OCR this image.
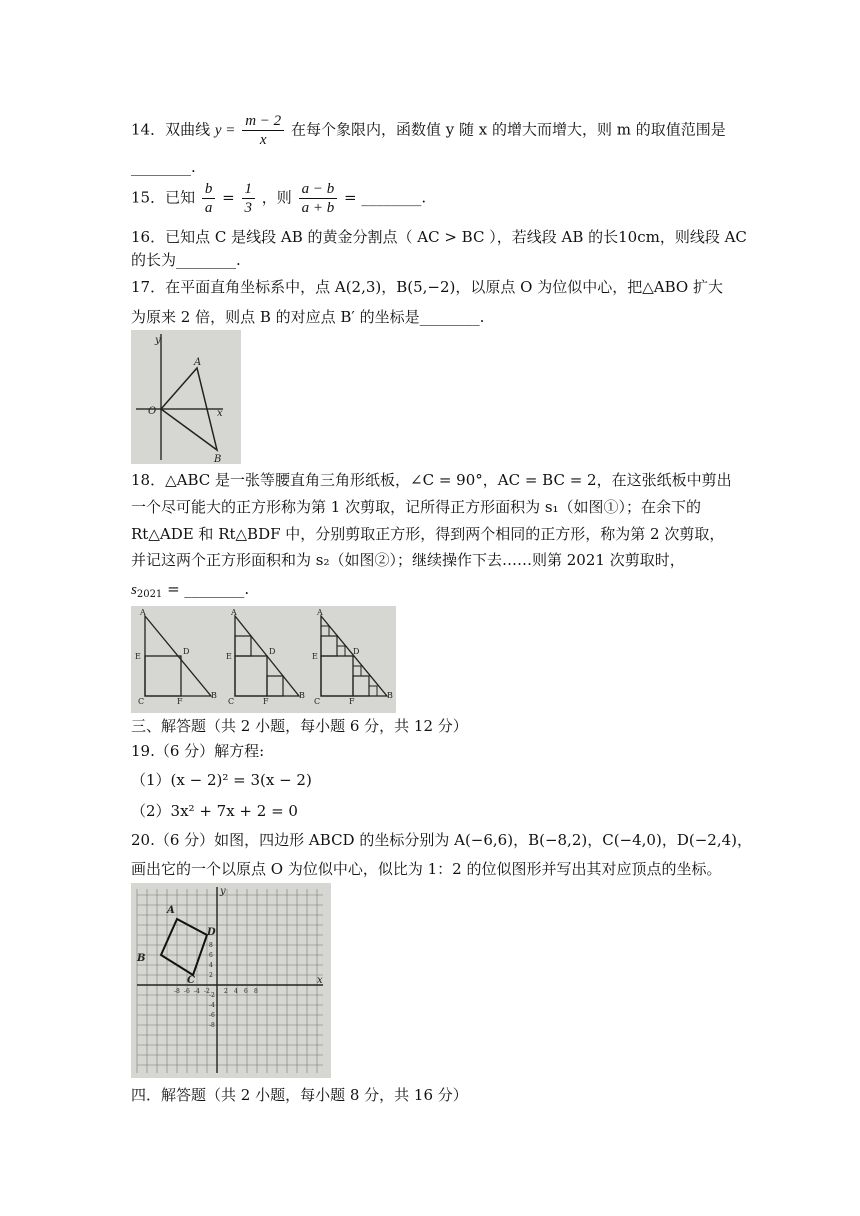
14．双曲线 $y = \frac{m - 2}{x}$ 在每个象限内，函数值 y 随 x 的增大而增大，则 m 的取值范围是
________.
15．已知 $\frac{b}{a} = \frac{1}{3}$ ，则 $\frac{a - b}{a + b}$ = ________.
16．已知点 C 是线段 AB 的黄金分割点（ AC > BC ），若线段 AB 的长10cm，则线段 AC
的长为________.
17．在平面直角坐标系中，点 A(2,3)，B(5,−2)，以原点 O 为位似中心，把△ABO 扩大
为原来 2 倍，则点 B 的对应点 B′ 的坐标是________.
y
x
O
A
B
18．△ABC 是一张等腰直角三角形纸板，∠C = 90°，AC = BC = 2，在这张纸板中剪出
一个尽可能大的正方形称为第 1 次剪取，记所得正方形面积为 s₁（如图①）；在余下的
Rt△ADE 和 Rt△BDF 中，分别剪取正方形，得到两个相同的正方形，称为第 2 次剪取，
并记这两个正方形面积和为 s₂（如图②）；继续操作下去……则第 2021 次剪取时，
$s_{2021}$ = ________.
A
E
D
C	F
B
A
E
D
C	F
B
A
E
D
C	F
B
三、解答题（共 2 小题，每小题 6 分，共 12 分）
19.（6 分）解方程:
（1）(x − 2)² = 3(x − 2)
（2）3x² + 7x + 2 = 0
20.（6 分）如图，四边形 ABCD 的坐标分别为 A(−6,6)，B(−8,2)，C(−4,0)，D(−2,4)，
画出它的一个以原点 O 为位似中心，似比为 1：2 的位似图形并写出其对应顶点的坐标。
A
B
C
D
x
y
-8 -6 -4 -2 2 4 6 8
8
6
4
2
-2
-4
-6
-8
四．解答题（共 2 小题，每小题 8 分，共 16 分）
